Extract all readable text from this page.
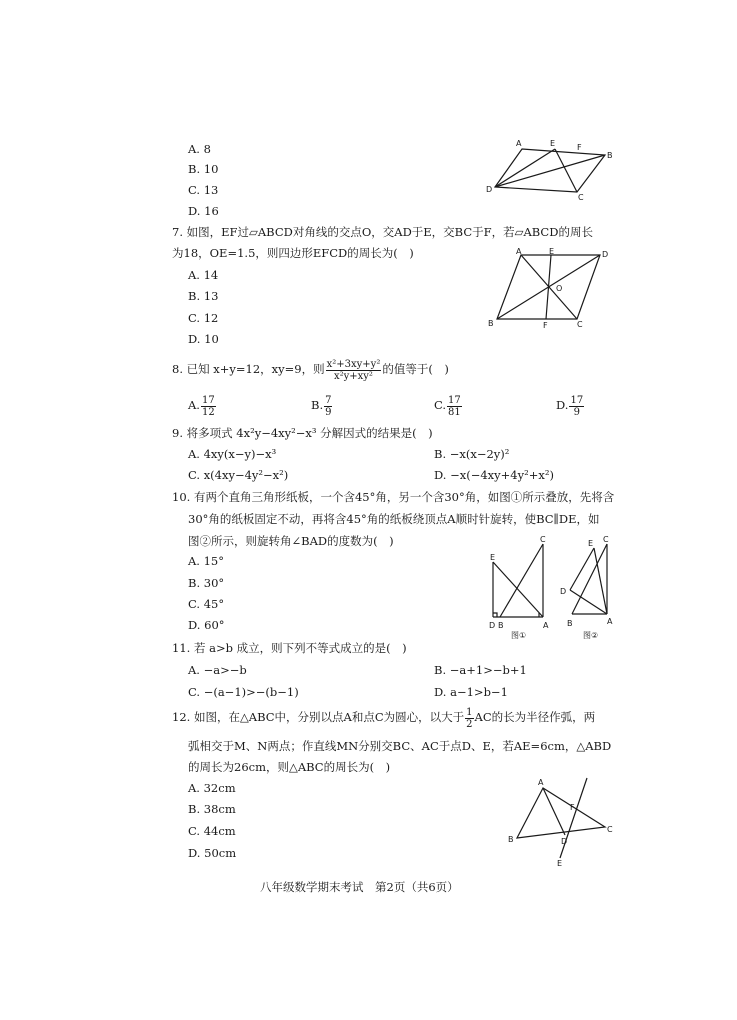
A. 8
B. 10
C. 13
D. 16
A	E	F
B
D
C
7. 如图，EF过▱ABCD对角线的交点O，交AD于E，交BC于F，若▱ABCD的周长
为18，OE=1.5，则四边形EFCD的周长为(　)
A. 14
B. 13
C. 12
D. 10
A	E	D
O
B	F	C
8. 已知 x+y=12，xy=9，则 $\frac{\text{x²+3xy+y²}}{\text{x²y+xy²}}$ 的值等于(　)
A. $\frac{17}{12}$	B. $\frac{7}{9}$	C. $\frac{17}{81}$	D. $\frac{17}{9}$
9. 将多项式 4x²y−4xy²−x³ 分解因式的结果是(　)
A. 4xy(x−y)−x³	B. −x(x−2y)²
C. x(4xy−4y²−x²)	D. −x(−4xy+4y²+x²)
10. 有两个直角三角形纸板，一个含45°角，另一个含30°角，如图①所示叠放，先将含
30°角的纸板固定不动，再将含45°角的纸板绕顶点A顺时针旋转，使BC∥DE，如
图②所示，则旋转角∠BAD的度数为(　)
A. 15°
B. 30°
C. 45°
D. 60°
C
E
D B	A
图①
E C
D
B	A
图②
11. 若 a>b 成立，则下列不等式成立的是(　)
A. −a>−b	B. −a+1>−b+1
C. −(a−1)>−(b−1)	D. a−1>b−1
12. 如图，在△ABC中，分别以点A和点C为圆心，以大于 $\frac{1}{2}$ AC的长为半径作弧，两
弧相交于M、N两点；作直线MN分别交BC、AC于点D、E，若AE=6cm，△ABD
的周长为26cm，则△ABC的周长为(　)
A. 32cm
B. 38cm
C. 44cm
D. 50cm
A
F
B	D
C
E
八年级数学期末考试　第2页（共6页）
